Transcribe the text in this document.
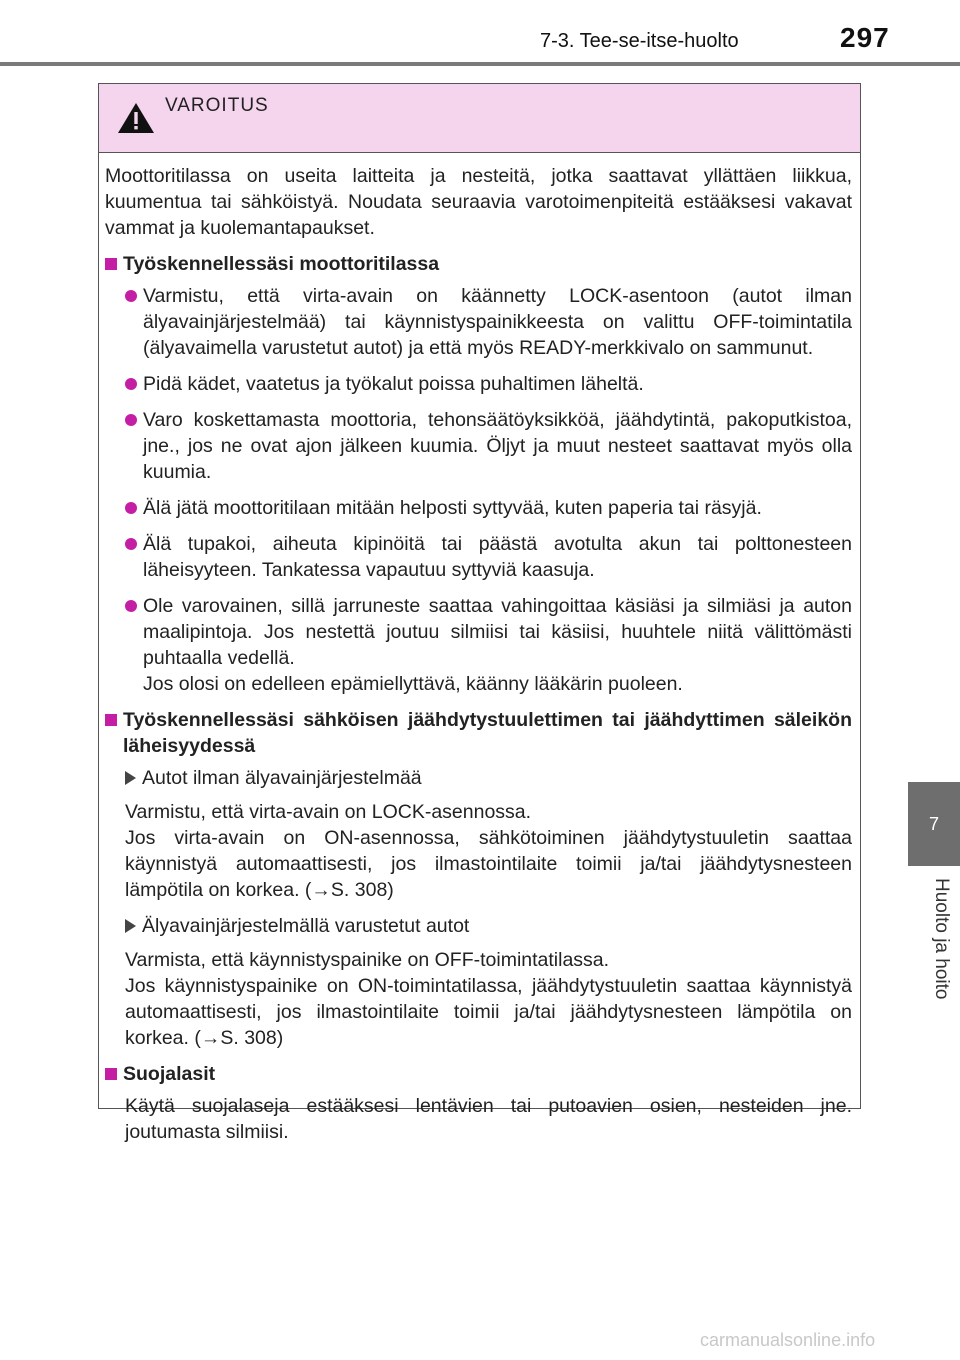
7-3. Tee-se-itse-huolto	297
7
Huolto ja hoito
VAROITUS

Moottoritilassa on useita laitteita ja nesteitä, jotka saattavat yllättäen liikkua, kuumentua tai sähköistyä. Noudata seuraavia varotoimenpiteitä estääksesi vakavat vammat ja kuolemantapaukset.

Työskennellessäsi moottoritilassa
Varmistu, että virta-avain on käännetty LOCK-asentoon (autot ilman älyavainjärjestelmää) tai käynnistyspainikkeesta on valittu OFF-toimintatila (älyavaimella varustetut autot) ja että myös READY-merkkivalo on sammunut.
Pidä kädet, vaatetus ja työkalut poissa puhaltimen läheltä.
Varo koskettamasta moottoria, tehonsäätöyksikköä, jäähdytintä, pakoputkistoa, jne., jos ne ovat ajon jälkeen kuumia. Öljyt ja muut nesteet saattavat myös olla kuumia.
Älä jätä moottoritilaan mitään helposti syttyvää, kuten paperia tai räsyjä.
Älä tupakoi, aiheuta kipinöitä tai päästä avotulta akun tai polttonesteen läheisyyteen. Tankatessa vapautuu syttyviä kaasuja.

Ole varovainen, sillä jarruneste saattaa vahingoittaa käsiäsi ja silmiäsi ja auton maalipintoja. Jos nestettä joutuu silmiisi tai käsiisi, huuhtele niitä välittömästi puhtaalla vedellä.

Jos olosi on edelleen epämiellyttävä, käänny lääkärin puoleen.

Työskennellessäsi sähköisen jäähdytystuulettimen tai jäähdyttimen säleikön läheisyydessä
Autot ilman älyavainjärjestelmää

Varmistu, että virta-avain on LOCK-asennossa.

Jos virta-avain on ON-asennossa, sähkötoiminen jäähdytystuuletin saattaa käynnistyä automaattisesti, jos ilmastointilaite toimii ja/tai jäähdytysnesteen lämpötila on korkea. (→S. 308)

Älyavainjärjestelmällä varustetut autot

Varmista, että käynnistyspainike on OFF-toimintatilassa.

Jos käynnistyspainike on ON-toimintatilassa, jäähdytystuuletin saattaa käynnistyä automaattisesti, jos ilmastointilaite toimii ja/tai jäähdytysnesteen lämpötila on korkea. (→S. 308)

Suojalasit

Käytä suojalaseja estääksesi lentävien tai putoavien osien, nesteiden jne. joutumasta silmiisi.

carmanualsonline.info
